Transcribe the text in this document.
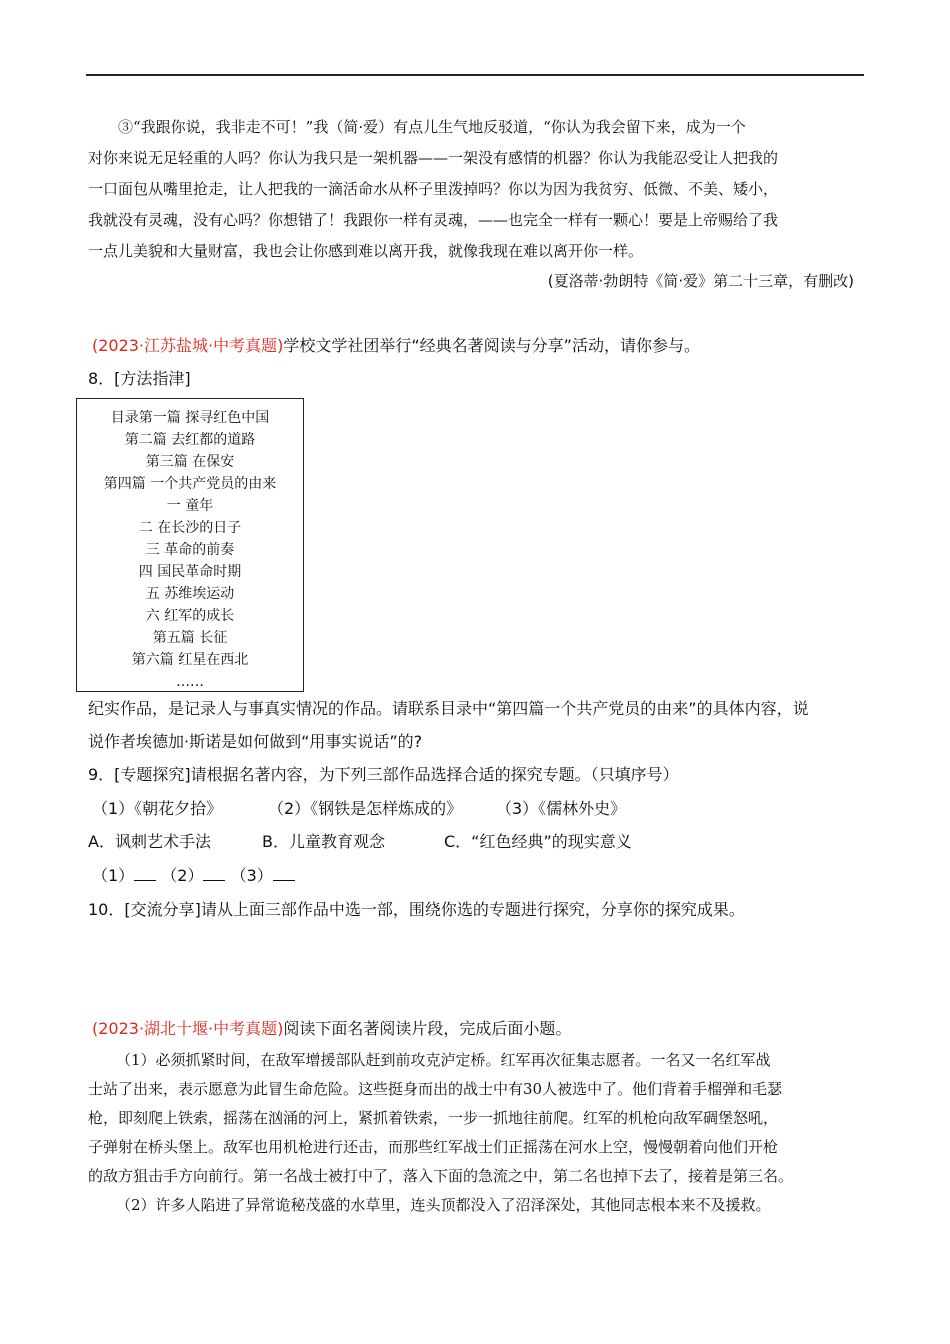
③“我跟你说，我非走不可！”我（简·爱）有点儿生气地反驳道，“你认为我会留下来，成为一个
对你来说无足轻重的人吗？你认为我只是一架机器——一架没有感情的机器？你认为我能忍受让人把我的
一口面包从嘴里抢走，让人把我的一滴活命水从杯子里泼掉吗？你以为因为我贫穷、低微、不美、矮小，
我就没有灵魂，没有心吗？你想错了！我跟你一样有灵魂，——也完全一样有一颗心！要是上帝赐给了我
一点儿美貌和大量财富，我也会让你感到难以离开我，就像我现在难以离开你一样。
(夏洛蒂·勃朗特《简·爱》第二十三章，有删改)
(2023·江苏盐城·中考真题)学校文学社团举行“经典名著阅读与分享”活动，请你参与。
8．[方法指津]
目录第一篇 探寻红色中国
第二篇 去红都的道路
第三篇 在保安
第四篇 一个共产党员的由来
一 童年
二 在长沙的日子
三 革命的前奏
四 国民革命时期
五 苏维埃运动
六 红军的成长
第五篇 长征
第六篇 红星在西北
……
纪实作品，是记录人与事真实情况的作品。请联系目录中“第四篇一个共产党员的由来”的具体内容，说
说作者埃德加·斯诺是如何做到“用事实说话”的?
9．[专题探究]请根据名著内容，为下列三部作品选择合适的探究专题。（只填序号）
（1）《朝花夕拾》	（2）《钢铁是怎样炼成的》 （3）《儒林外史》
A．讽刺艺术手法	B．儿童教育观念	C．“红色经典”的现实意义
（1） （2） （3）
10．[交流分享]请从上面三部作品中选一部，围绕你选的专题进行探究，分享你的探究成果。
(2023·湖北十堰·中考真题)阅读下面名著阅读片段，完成后面小题。
（1）必须抓紧时间，在敌军增援部队赶到前攻克泸定桥。红军再次征集志愿者。一名又一名红军战
士站了出来，表示愿意为此冒生命危险。这些挺身而出的战士中有30人被选中了。他们背着手榴弹和毛瑟
枪，即刻爬上铁索，摇荡在汹涌的河上，紧抓着铁索，一步一抓地往前爬。红军的机枪向敌军碉堡怒吼，
子弹射在桥头堡上。敌军也用机枪进行还击，而那些红军战士们正摇荡在河水上空，慢慢朝着向他们开枪
的敌方狙击手方向前行。第一名战士被打中了，落入下面的急流之中，第二名也掉下去了，接着是第三名。
（2）许多人陷进了异常诡秘茂盛的水草里，连头顶都没入了沼泽深处，其他同志根本来不及援救。
